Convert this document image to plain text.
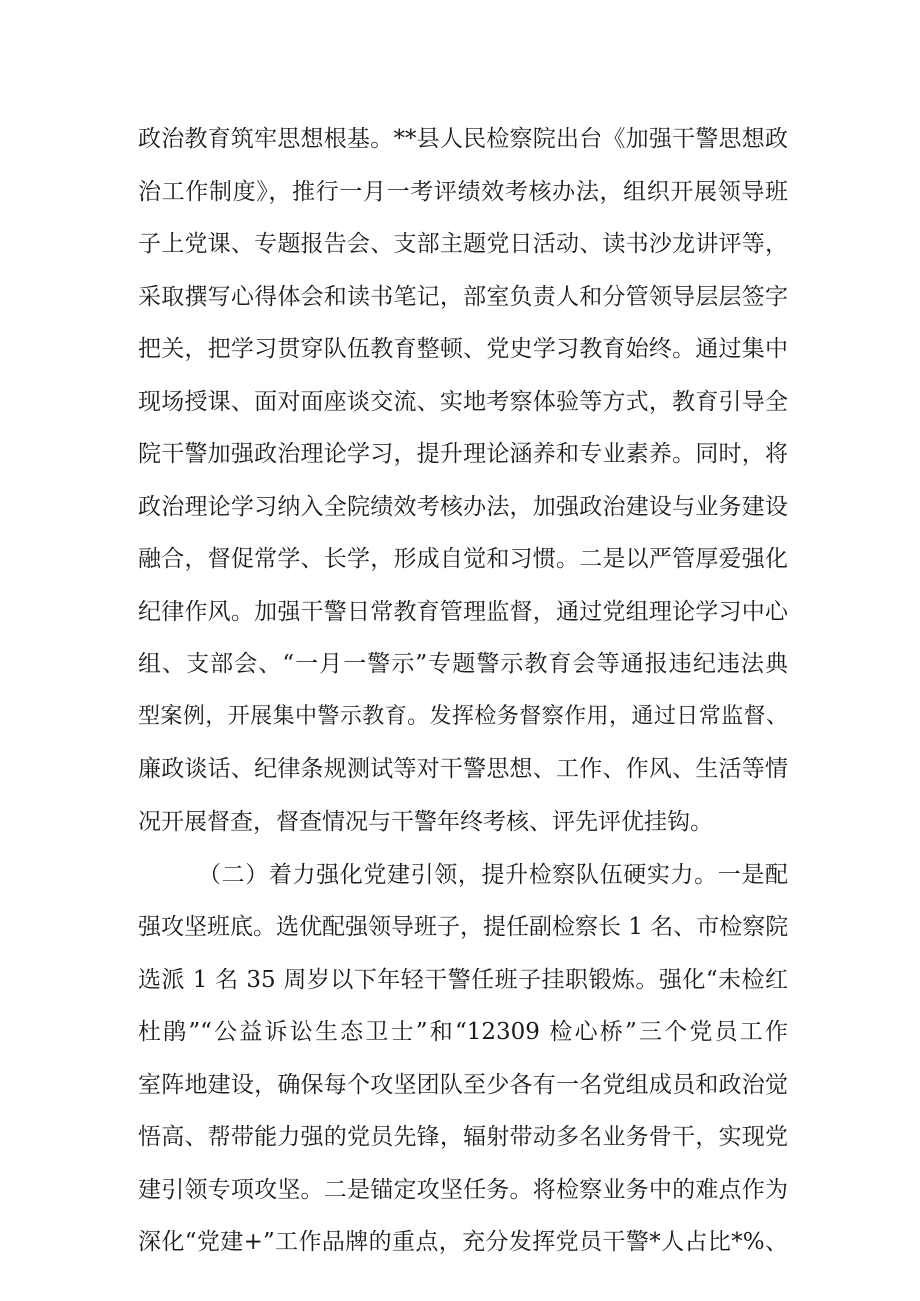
政治教育筑牢思想根基。**县人民检察院出台《加强干警思想政
治工作制度》，推行一月一考评绩效考核办法，组织开展领导班
子上党课、专题报告会、支部主题党日活动、读书沙龙讲评等，
采取撰写心得体会和读书笔记，部室负责人和分管领导层层签字
把关，把学习贯穿队伍教育整顿、党史学习教育始终。通过集中
现场授课、面对面座谈交流、实地考察体验等方式，教育引导全
院干警加强政治理论学习，提升理论涵养和专业素养。同时，将
政治理论学习纳入全院绩效考核办法，加强政治建设与业务建设
融合，督促常学、长学，形成自觉和习惯。二是以严管厚爱强化
纪律作风。加强干警日常教育管理监督，通过党组理论学习中心
组、支部会、“一月一警示”专题警示教育会等通报违纪违法典
型案例，开展集中警示教育。发挥检务督察作用，通过日常监督、
廉政谈话、纪律条规测试等对干警思想、工作、作风、生活等情
况开展督查，督查情况与干警年终考核、评先评优挂钩。
（二）着力强化党建引领，提升检察队伍硬实力。一是配
强攻坚班底。选优配强领导班子，提任副检察长 1 名、市检察院
选派 1 名 35 周岁以下年轻干警任班子挂职锻炼。强化“未检红
杜鹃”“公益诉讼生态卫士”和“12309 检心桥”三个党员工作
室阵地建设，确保每个攻坚团队至少各有一名党组成员和政治觉
悟高、帮带能力强的党员先锋，辐射带动多名业务骨干，实现党
建引领专项攻坚。二是锚定攻坚任务。将检察业务中的难点作为
深化“党建+”工作品牌的重点，充分发挥党员干警*人占比*%、
